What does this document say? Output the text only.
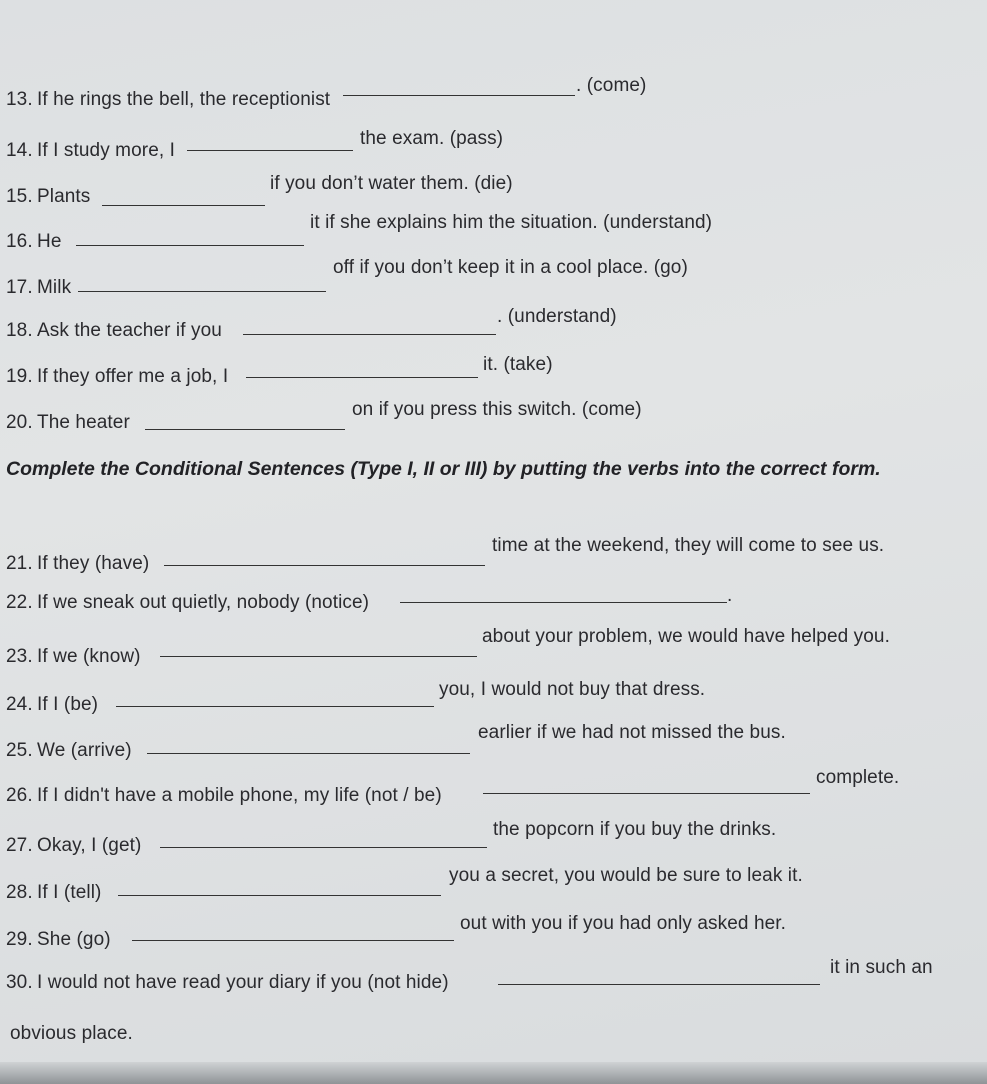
13. If he rings the bell, the receptionist
. (come)
14. If I study more, I
the exam. (pass)
15. Plants
if you don’t water them. (die)
16. He
it if she explains him the situation. (understand)
17. Milk
off if you don’t keep it in a cool place. (go)
18. Ask the teacher if you
. (understand)
19. If they offer me a job, I
it. (take)
20. The heater
on if you press this switch. (come)
Complete the Conditional Sentences (Type I, II or III) by putting the verbs into the correct form.
21. If they (have)
time at the weekend, they will come to see us.
22. If we sneak out quietly, nobody (notice)	.
23. If we (know)
about your problem, we would have helped you.
24. If I (be)
you, I would not buy that dress.
25. We (arrive)
earlier if we had not missed the bus.
26. If I didn't have a mobile phone, my life (not / be)
complete.
27. Okay, I (get)
the popcorn if you buy the drinks.
28. If I (tell)
you a secret, you would be sure to leak it.
29. She (go)
out with you if you had only asked her.
30. I would not have read your diary if you (not hide)
it in such an
obvious place.
